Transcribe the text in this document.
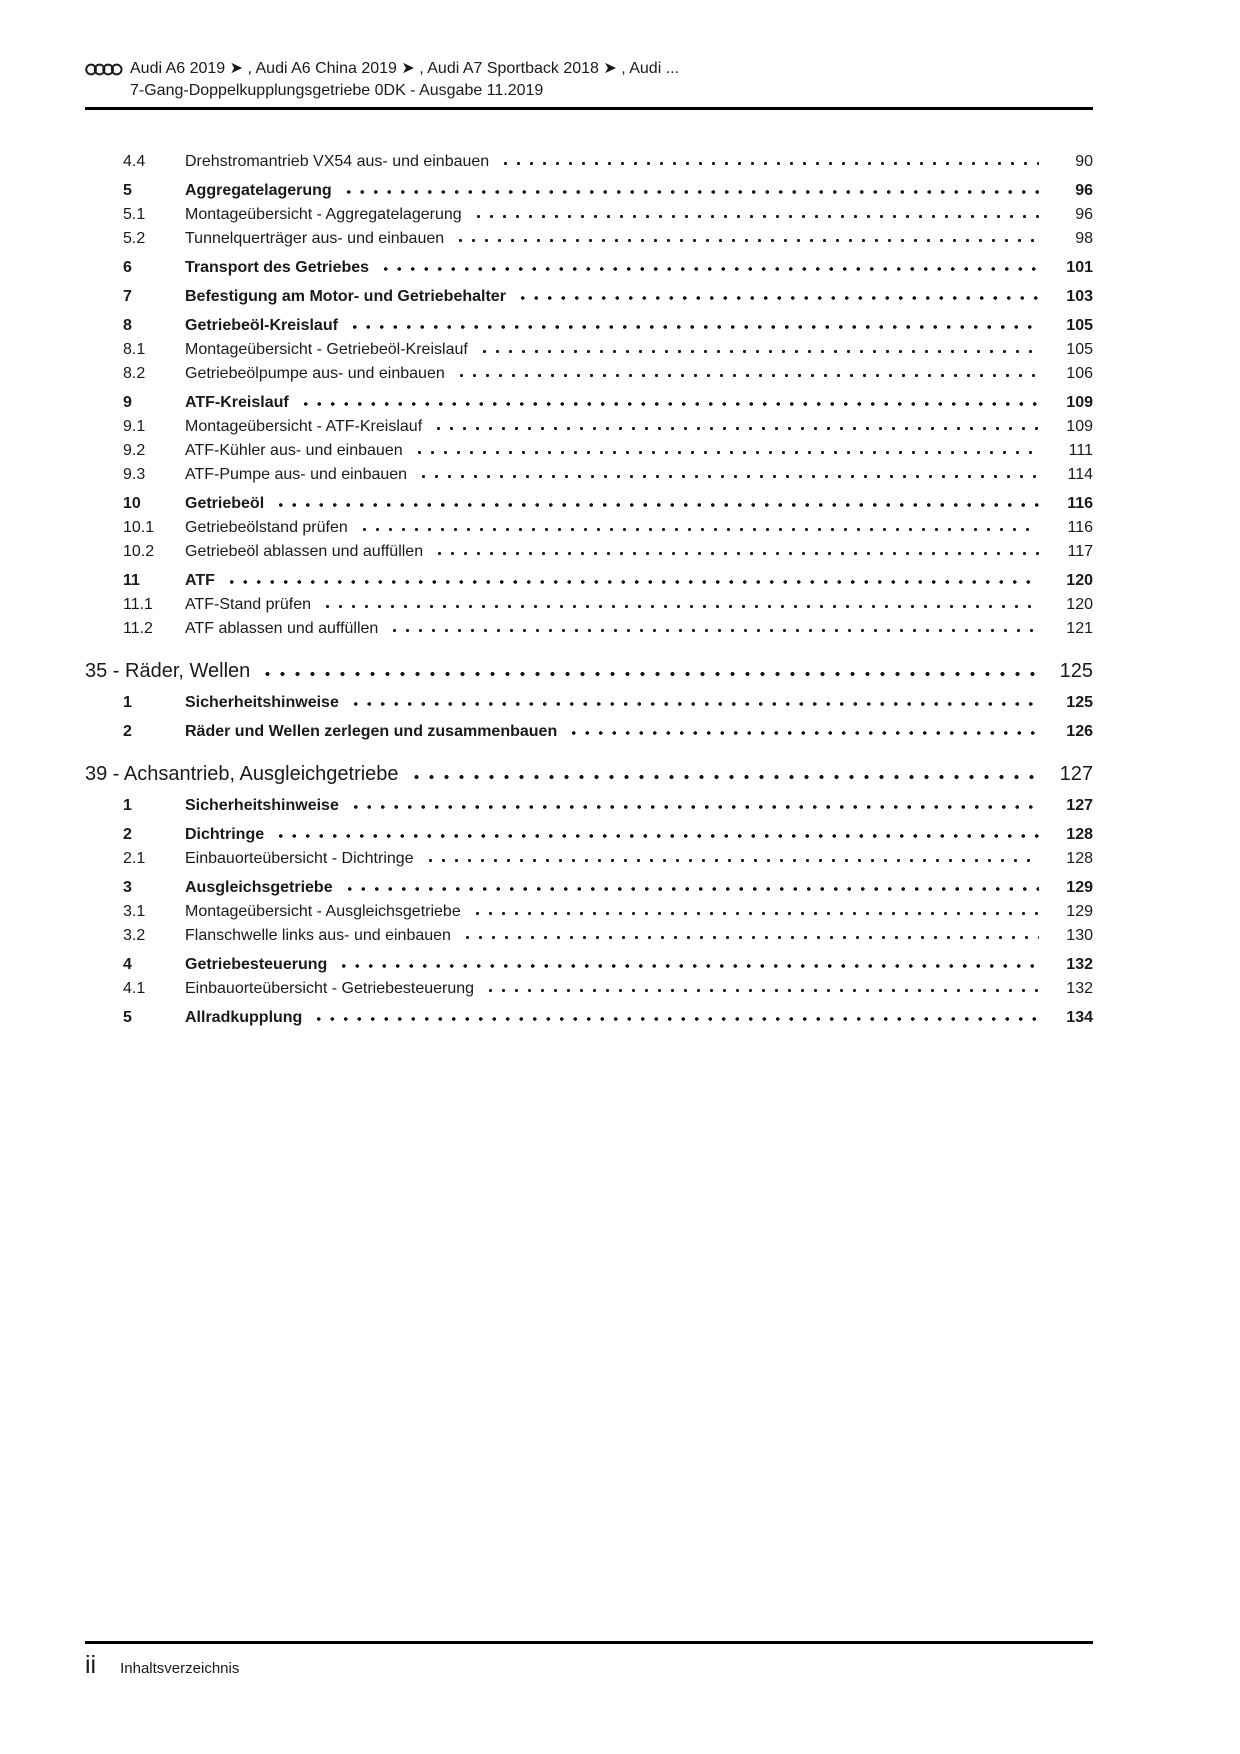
Audi A6 2019 ➤ , Audi A6 China 2019 ➤ , Audi A7 Sportback 2018 ➤ , Audi ...
7-Gang-Doppelkupplungsgetriebe 0DK - Ausgabe 11.2019
4.4	Drehstromantrieb VX54 aus- und einbauen	90
5	Aggregatelagerung	96
5.1	Montageübersicht - Aggregatelagerung	96
5.2	Tunnelquerträger aus- und einbauen	98
6	Transport des Getriebes	101
7	Befestigung am Motor- und Getriebehalter	103
8	Getriebeöl-Kreislauf	105
8.1	Montageübersicht - Getriebeöl-Kreislauf	105
8.2	Getriebeölpumpe aus- und einbauen	106
9	ATF-Kreislauf	109
9.1	Montageübersicht - ATF-Kreislauf	109
9.2	ATF-Kühler aus- und einbauen	111
9.3	ATF-Pumpe aus- und einbauen	114
10	Getriebeöl	116
10.1	Getriebeölstand prüfen	116
10.2	Getriebeöl ablassen und auffüllen	117
11	ATF	120
11.1	ATF-Stand prüfen	120
11.2	ATF ablassen und auffüllen	121
35 - Räder, Wellen	125
1	Sicherheitshinweise	125
2	Räder und Wellen zerlegen und zusammenbauen	126
39 - Achsantrieb, Ausgleichgetriebe	127
1	Sicherheitshinweise	127
2	Dichtringe	128
2.1	Einbauorteübersicht - Dichtringe	128
3	Ausgleichsgetriebe	129
3.1	Montageübersicht - Ausgleichsgetriebe	129
3.2	Flanschwelle links aus- und einbauen	130
4	Getriebesteuerung	132
4.1	Einbauorteübersicht - Getriebesteuerung	132
5	Allradkupplung	134
ii Inhaltsverzeichnis
